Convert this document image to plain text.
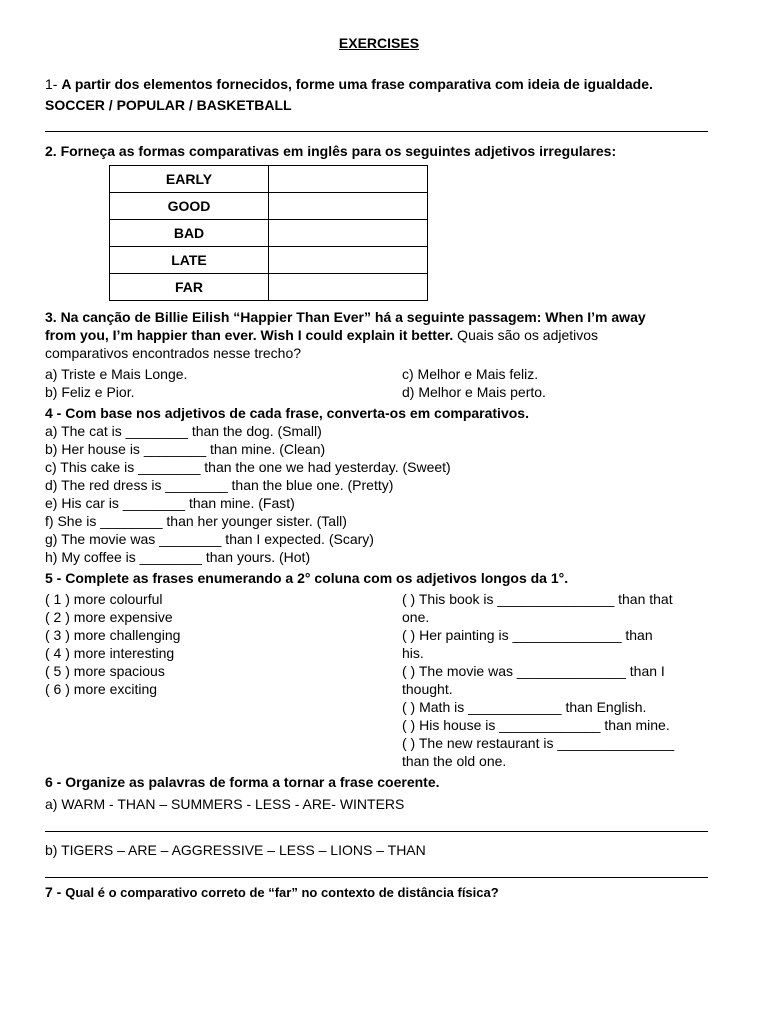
EXERCISES
1- A partir dos elementos fornecidos, forme uma frase comparativa com ideia de igualdade.
SOCCER / POPULAR / BASKETBALL
2. Forneça as formas comparativas em inglês para os seguintes adjetivos irregulares:
EARLY	
GOOD	
BAD	
LATE	
FAR	
3. Na canção de Billie Eilish “Happier Than Ever” há a seguinte passagem: When I’m away
from you, I’m happier than ever. Wish I could explain it better. Quais são os adjetivos
comparativos encontrados nesse trecho?
a) Triste e Mais Longe.	c) Melhor e Mais feliz.
b) Feliz e Pior.	d) Melhor e Mais perto.
4 - Com base nos adjetivos de cada frase, converta-os em comparativos.
a) The cat is ________ than the dog. (Small)
b) Her house is ________ than mine. (Clean)
c) This cake is ________ than the one we had yesterday. (Sweet)
d) The red dress is ________ than the blue one. (Pretty)
e) His car is ________ than mine. (Fast)
f) She is ________ than her younger sister. (Tall)
g) The movie was ________ than I expected. (Scary)
h) My coffee is ________ than yours. (Hot)
5 - Complete as frases enumerando a 2° coluna com os adjetivos longos da 1°.
( 1 ) more colourful
( 2 ) more expensive
( 3 ) more challenging
( 4 ) more interesting
( 5 ) more spacious
( 6 ) more exciting
( ) This book is _______________ than that
one.
( ) Her painting is ______________ than
his.
( ) The movie was ______________ than I
thought.
( ) Math is ____________ than English.
( ) His house is _____________ than mine.
( ) The new restaurant is _______________
than the old one.
6 - Organize as palavras de forma a tornar a frase coerente.
a) WARM - THAN – SUMMERS - LESS - ARE- WINTERS
b) TIGERS – ARE – AGGRESSIVE – LESS – LIONS – THAN
7 - Qual é o comparativo correto de “far” no contexto de distância física?
